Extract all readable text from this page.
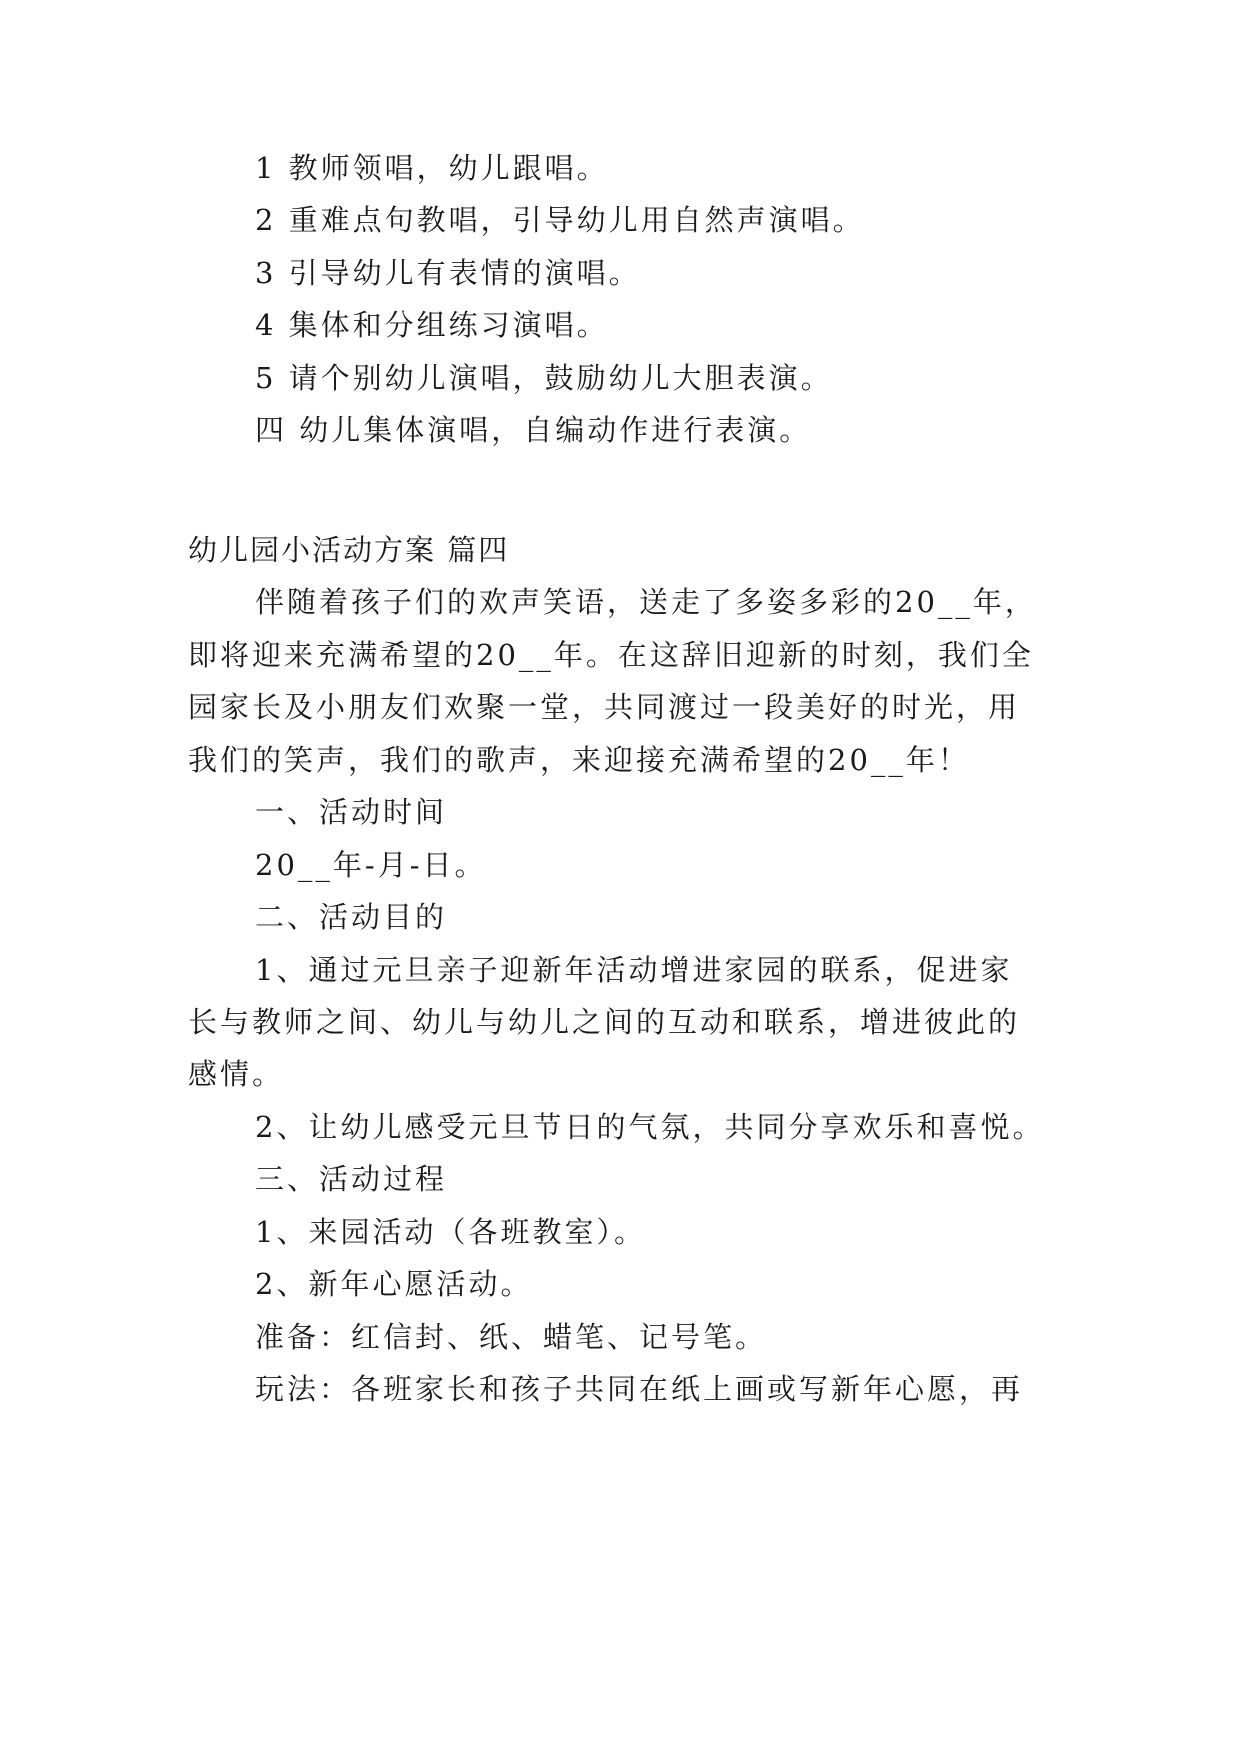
1 教师领唱，幼儿跟唱。
2 重难点句教唱，引导幼儿用自然声演唱。
3 引导幼儿有表情的演唱。
4 集体和分组练习演唱。
5 请个别幼儿演唱，鼓励幼儿大胆表演。
四 幼儿集体演唱，自编动作进行表演。
幼儿园小活动方案 篇四
伴随着孩子们的欢声笑语，送走了多姿多彩的20__年，
即将迎来充满希望的20__年。在这辞旧迎新的时刻，我们全
园家长及小朋友们欢聚一堂，共同渡过一段美好的时光，用
我们的笑声，我们的歌声，来迎接充满希望的20__年！
一、活动时间
20__年-月-日。
二、活动目的
1、通过元旦亲子迎新年活动增进家园的联系，促进家
长与教师之间、幼儿与幼儿之间的互动和联系，增进彼此的
感情。
2、让幼儿感受元旦节日的气氛，共同分享欢乐和喜悦。
三、活动过程
1、来园活动（各班教室）。
2、新年心愿活动。
准备：红信封、纸、蜡笔、记号笔。
玩法：各班家长和孩子共同在纸上画或写新年心愿，再
